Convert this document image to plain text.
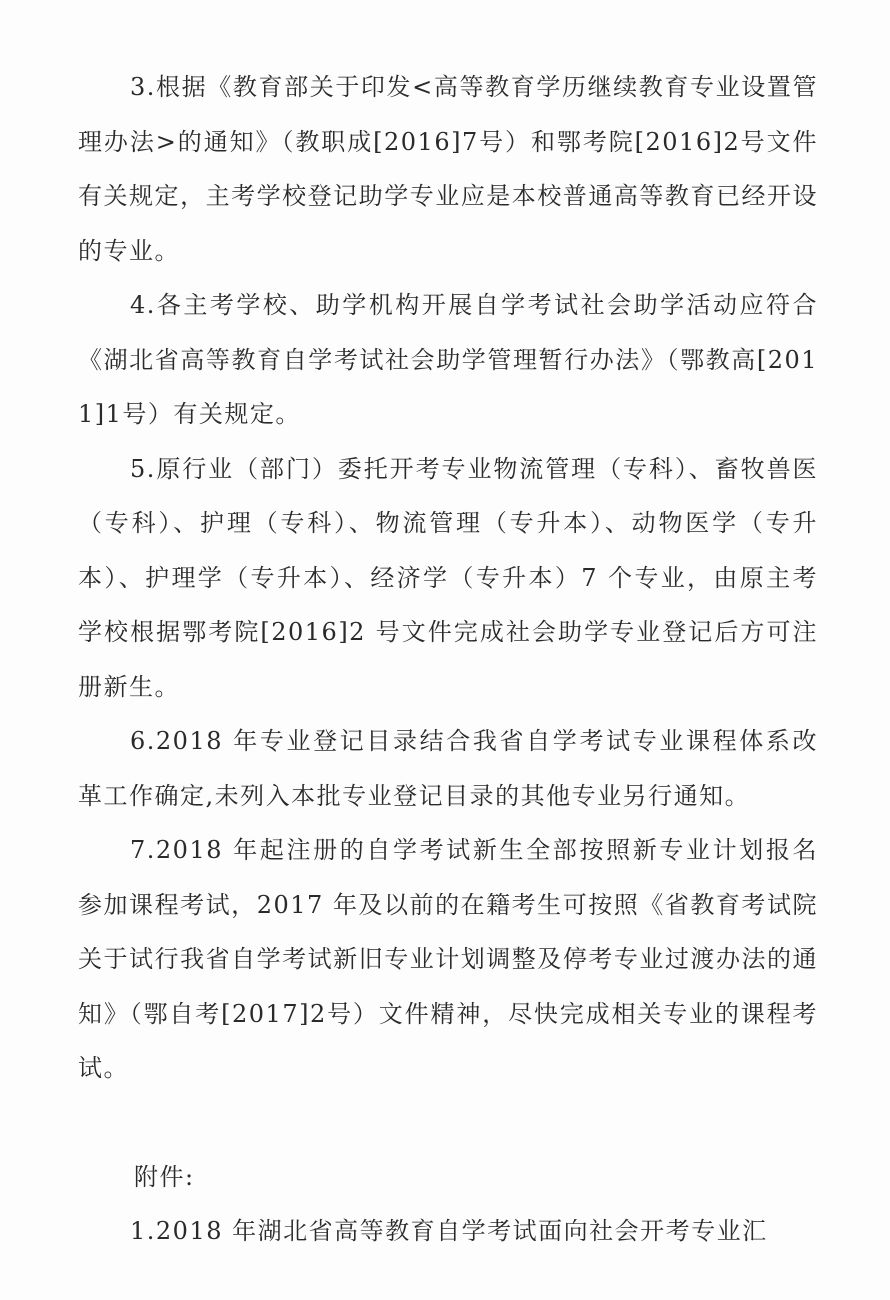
3.根据《教育部关于印发<高等教育学历继续教育专业设置管理办法>的通知》（教职成[2016]7号）和鄂考院[2016]2号文件有关规定，主考学校登记助学专业应是本校普通高等教育已经开设的专业。

4.各主考学校、助学机构开展自学考试社会助学活动应符合《湖北省高等教育自学考试社会助学管理暂行办法》（鄂教高[2011]1号）有关规定。

5.原行业（部门）委托开考专业物流管理（专科）、畜牧兽医（专科）、护理（专科）、物流管理（专升本）、动物医学（专升本）、护理学（专升本）、经济学（专升本）7 个专业，由原主考学校根据鄂考院[2016]2 号文件完成社会助学专业登记后方可注册新生。

6.2018 年专业登记目录结合我省自学考试专业课程体系改革工作确定,未列入本批专业登记目录的其他专业另行通知。

7.2018 年起注册的自学考试新生全部按照新专业计划报名参加课程考试，2017 年及以前的在籍考生可按照《省教育考试院关于试行我省自学考试新旧专业计划调整及停考专业过渡办法的通知》（鄂自考[2017]2号）文件精神，尽快完成相关专业的课程考试。

附件:

1.2018 年湖北省高等教育自学考试面向社会开考专业汇
